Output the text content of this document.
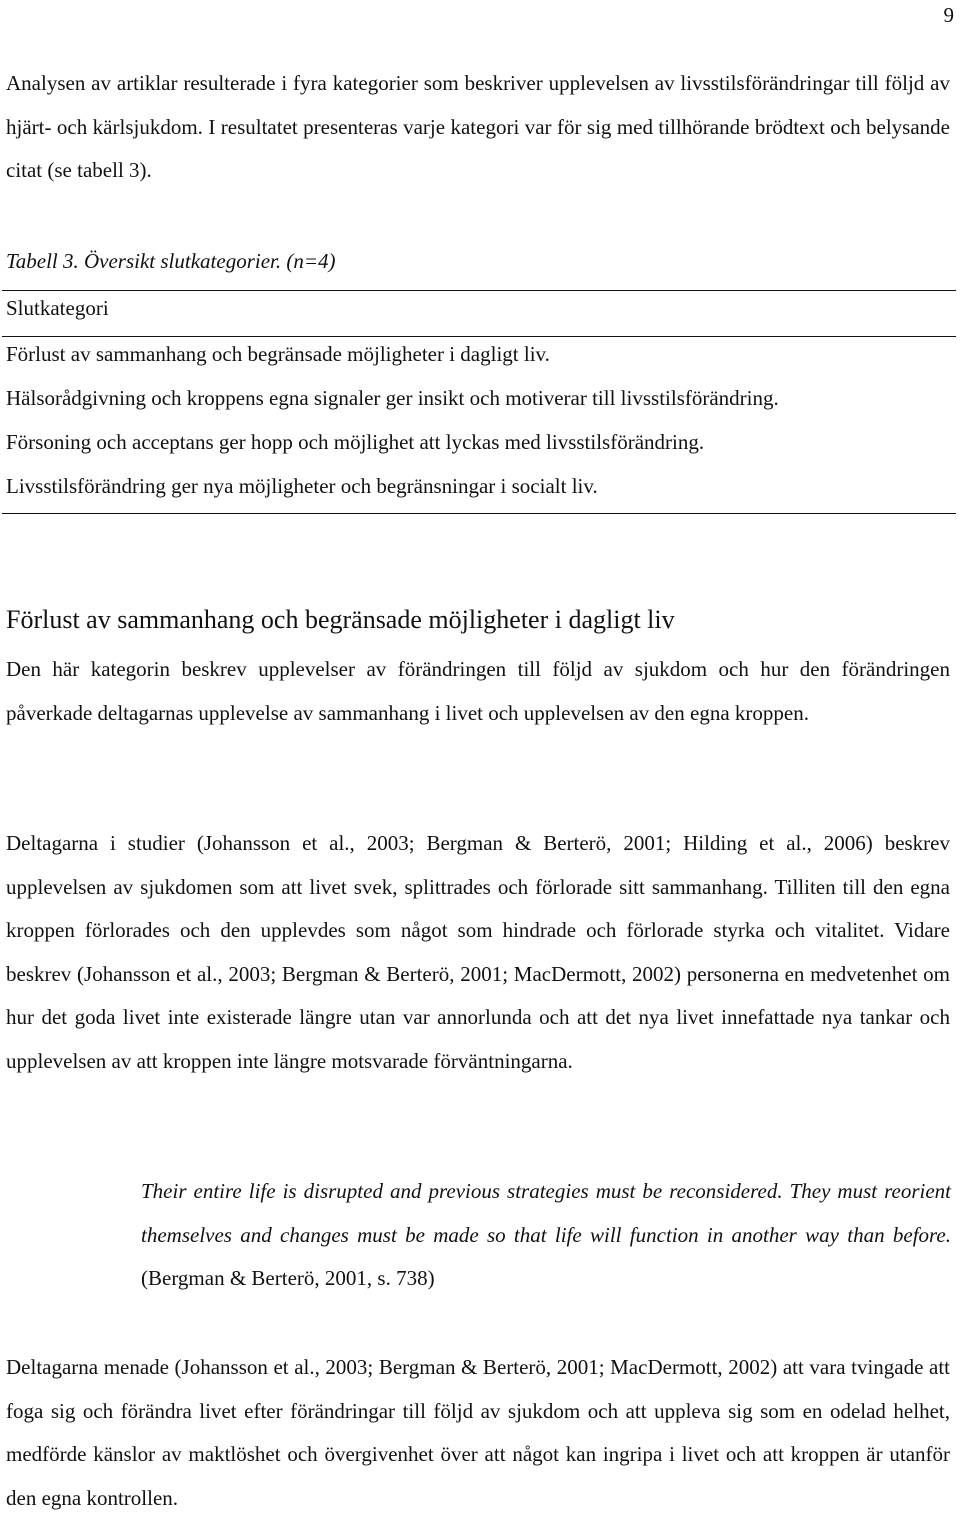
9

Analysen av artiklar resulterade i fyra kategorier som beskriver upplevelsen av livsstilsförändringar till följd av hjärt- och kärlsjukdom. I resultatet presenteras varje kategori var för sig med tillhörande brödtext och belysande citat (se tabell 3).

Tabell 3. Översikt slutkategorier. (n=4)
Slutkategori
Förlust av sammanhang och begränsade möjligheter i dagligt liv.
Hälsorådgivning och kroppens egna signaler ger insikt och motiverar till livsstilsförändring.
Försoning och acceptans ger hopp och möjlighet att lyckas med livsstilsförändring.
Livsstilsförändring ger nya möjligheter och begränsningar i socialt liv.
Förlust av sammanhang och begränsade möjligheter i dagligt liv

Den här kategorin beskrev upplevelser av förändringen till följd av sjukdom och hur den förändringen påverkade deltagarnas upplevelse av sammanhang i livet och upplevelsen av den egna kroppen.

Deltagarna i studier (Johansson et al., 2003; Bergman & Berterö, 2001; Hilding et al., 2006) beskrev upplevelsen av sjukdomen som att livet svek, splittrades och förlorade sitt sammanhang. Tilliten till den egna kroppen förlorades och den upplevdes som något som hindrade och förlorade styrka och vitalitet. Vidare beskrev (Johansson et al., 2003; Bergman & Berterö, 2001; MacDermott, 2002) personerna en medvetenhet om hur det goda livet inte existerade längre utan var annorlunda och att det nya livet innefattade nya tankar och upplevelsen av att kroppen inte längre motsvarade förväntningarna.

Their entire life is disrupted and previous strategies must be reconsidered. They must reorient themselves and changes must be made so that life will function in another way than before. (Bergman & Berterö, 2001, s. 738)

Deltagarna menade (Johansson et al., 2003; Bergman & Berterö, 2001; MacDermott, 2002) att vara tvingade att foga sig och förändra livet efter förändringar till följd av sjukdom och att uppleva sig som en odelad helhet, medförde känslor av maktlöshet och övergivenhet över att något kan ingripa i livet och att kroppen är utanför den egna kontrollen.
